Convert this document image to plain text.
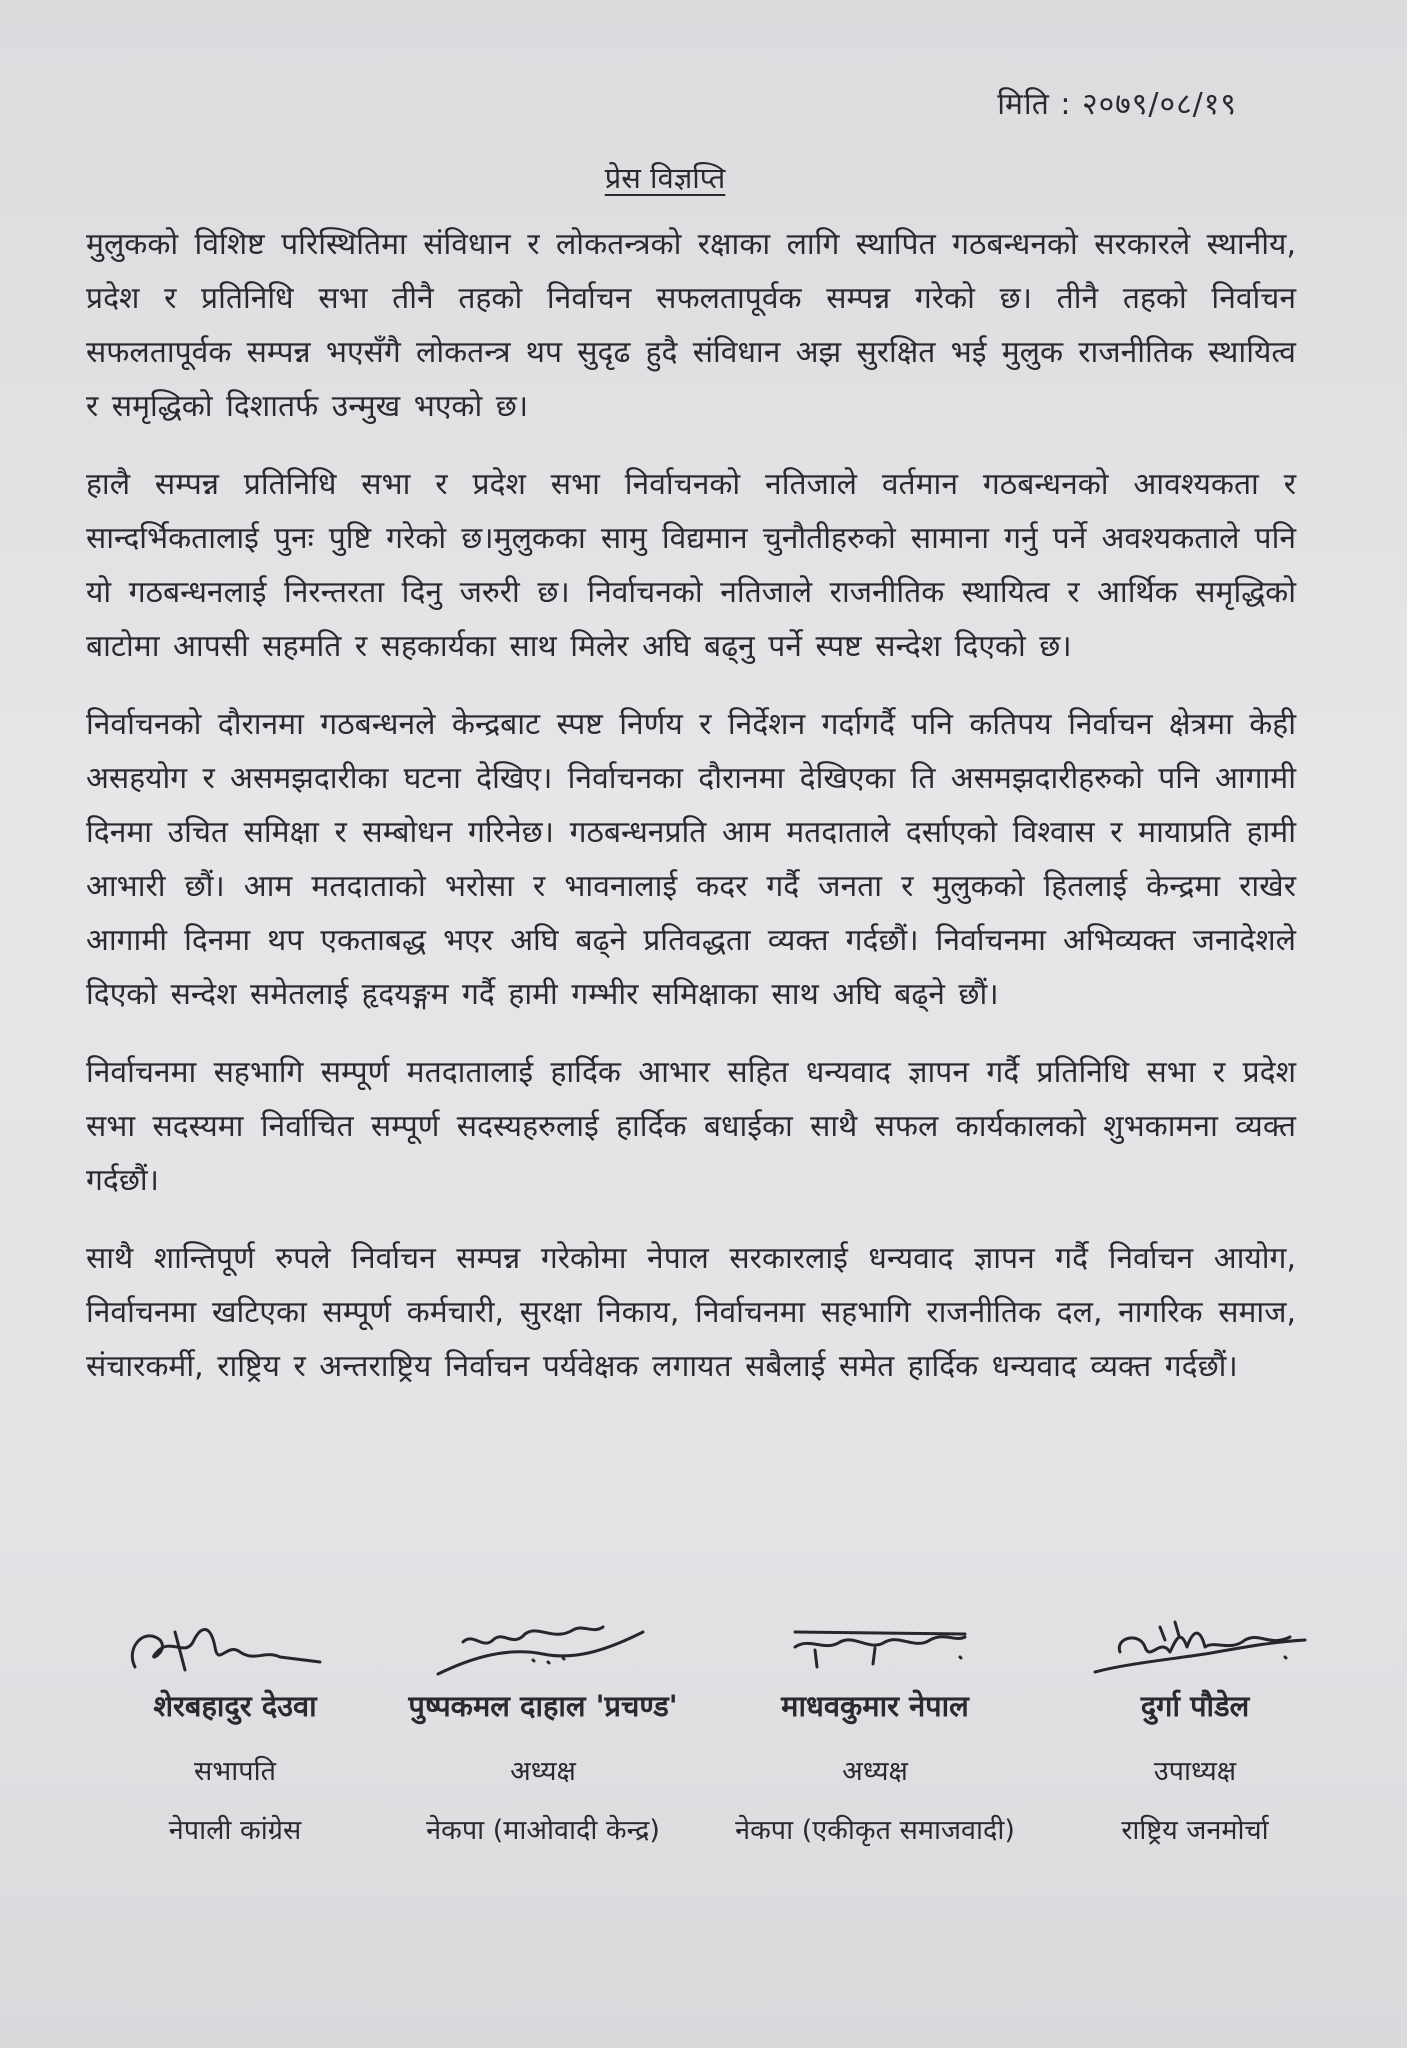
मिति : २०७९/०८/१९
प्रेस विज्ञप्ति

मुलुकको विशिष्ट परिस्थितिमा संविधान र लोकतन्त्रको रक्षाका लागि स्थापित गठबन्धनको सरकारले स्थानीय, प्रदेश र प्रतिनिधि सभा तीनै तहको निर्वाचन सफलतापूर्वक सम्पन्न गरेको छ। तीनै तहको निर्वाचन सफलतापूर्वक सम्पन्न भएसँगै लोकतन्त्र थप सुदृढ हुदै संविधान अझ सुरक्षित भई मुलुक राजनीतिक स्थायित्व र समृद्धिको दिशातर्फ उन्मुख भएको छ।

हालै सम्पन्न प्रतिनिधि सभा र प्रदेश सभा निर्वाचनको नतिजाले वर्तमान गठबन्धनको आवश्यकता र सान्दर्भिकतालाई पुनः पुष्टि गरेको छ।मुलुकका सामु विद्यमान चुनौतीहरुको सामाना गर्नु पर्ने अवश्यकताले पनि यो गठबन्धनलाई निरन्तरता दिनु जरुरी छ। निर्वाचनको नतिजाले राजनीतिक स्थायित्व र आर्थिक समृद्धिको बाटोमा आपसी सहमति र सहकार्यका साथ मिलेर अघि बढ्नु पर्ने स्पष्ट सन्देश दिएको छ।

निर्वाचनको दौरानमा गठबन्धनले केन्द्रबाट स्पष्ट निर्णय र निर्देशन गर्दागर्दै पनि कतिपय निर्वाचन क्षेत्रमा केही असहयोग र असमझदारीका घटना देखिए। निर्वाचनका दौरानमा देखिएका ति असमझदारीहरुको पनि आगामी दिनमा उचित समिक्षा र सम्बोधन गरिनेछ। गठबन्धनप्रति आम मतदाताले दर्साएको विश्वास र मायाप्रति हामी आभारी छौं। आम मतदाताको भरोसा र भावनालाई कदर गर्दै जनता र मुलुकको हितलाई केन्द्रमा राखेर आगामी दिनमा थप एकताबद्ध भएर अघि बढ्ने प्रतिवद्धता व्यक्त गर्दछौं। निर्वाचनमा अभिव्यक्त जनादेशले दिएको सन्देश समेतलाई हृदयङ्गम गर्दै हामी गम्भीर समिक्षाका साथ अघि बढ्ने छौं।

निर्वाचनमा सहभागि सम्पूर्ण मतदातालाई हार्दिक आभार सहित धन्यवाद ज्ञापन गर्दै प्रतिनिधि सभा र प्रदेश सभा सदस्यमा निर्वाचित सम्पूर्ण सदस्यहरुलाई हार्दिक बधाईका साथै सफल कार्यकालको शुभकामना व्यक्त गर्दछौं।

साथै शान्तिपूर्ण रुपले निर्वाचन सम्पन्न गरेकोमा नेपाल सरकारलाई धन्यवाद ज्ञापन गर्दै निर्वाचन आयोग, निर्वाचनमा खटिएका सम्पूर्ण कर्मचारी, सुरक्षा निकाय, निर्वाचनमा सहभागि राजनीतिक दल, नागरिक समाज, संचारकर्मी, राष्ट्रिय र अन्तराष्ट्रिय निर्वाचन पर्यवेक्षक लगायत सबैलाई समेत हार्दिक धन्यवाद व्यक्त गर्दछौं।

शेरबहादुर देउवा
सभापति
नेपाली कांग्रेस
पुष्पकमल दाहाल 'प्रचण्ड'
अध्यक्ष
नेकपा (माओवादी केन्द्र)
माधवकुमार नेपाल
अध्यक्ष
नेकपा (एकीकृत समाजवादी)
दुर्गा पौडेल
उपाध्यक्ष
राष्ट्रिय जनमोर्चा
